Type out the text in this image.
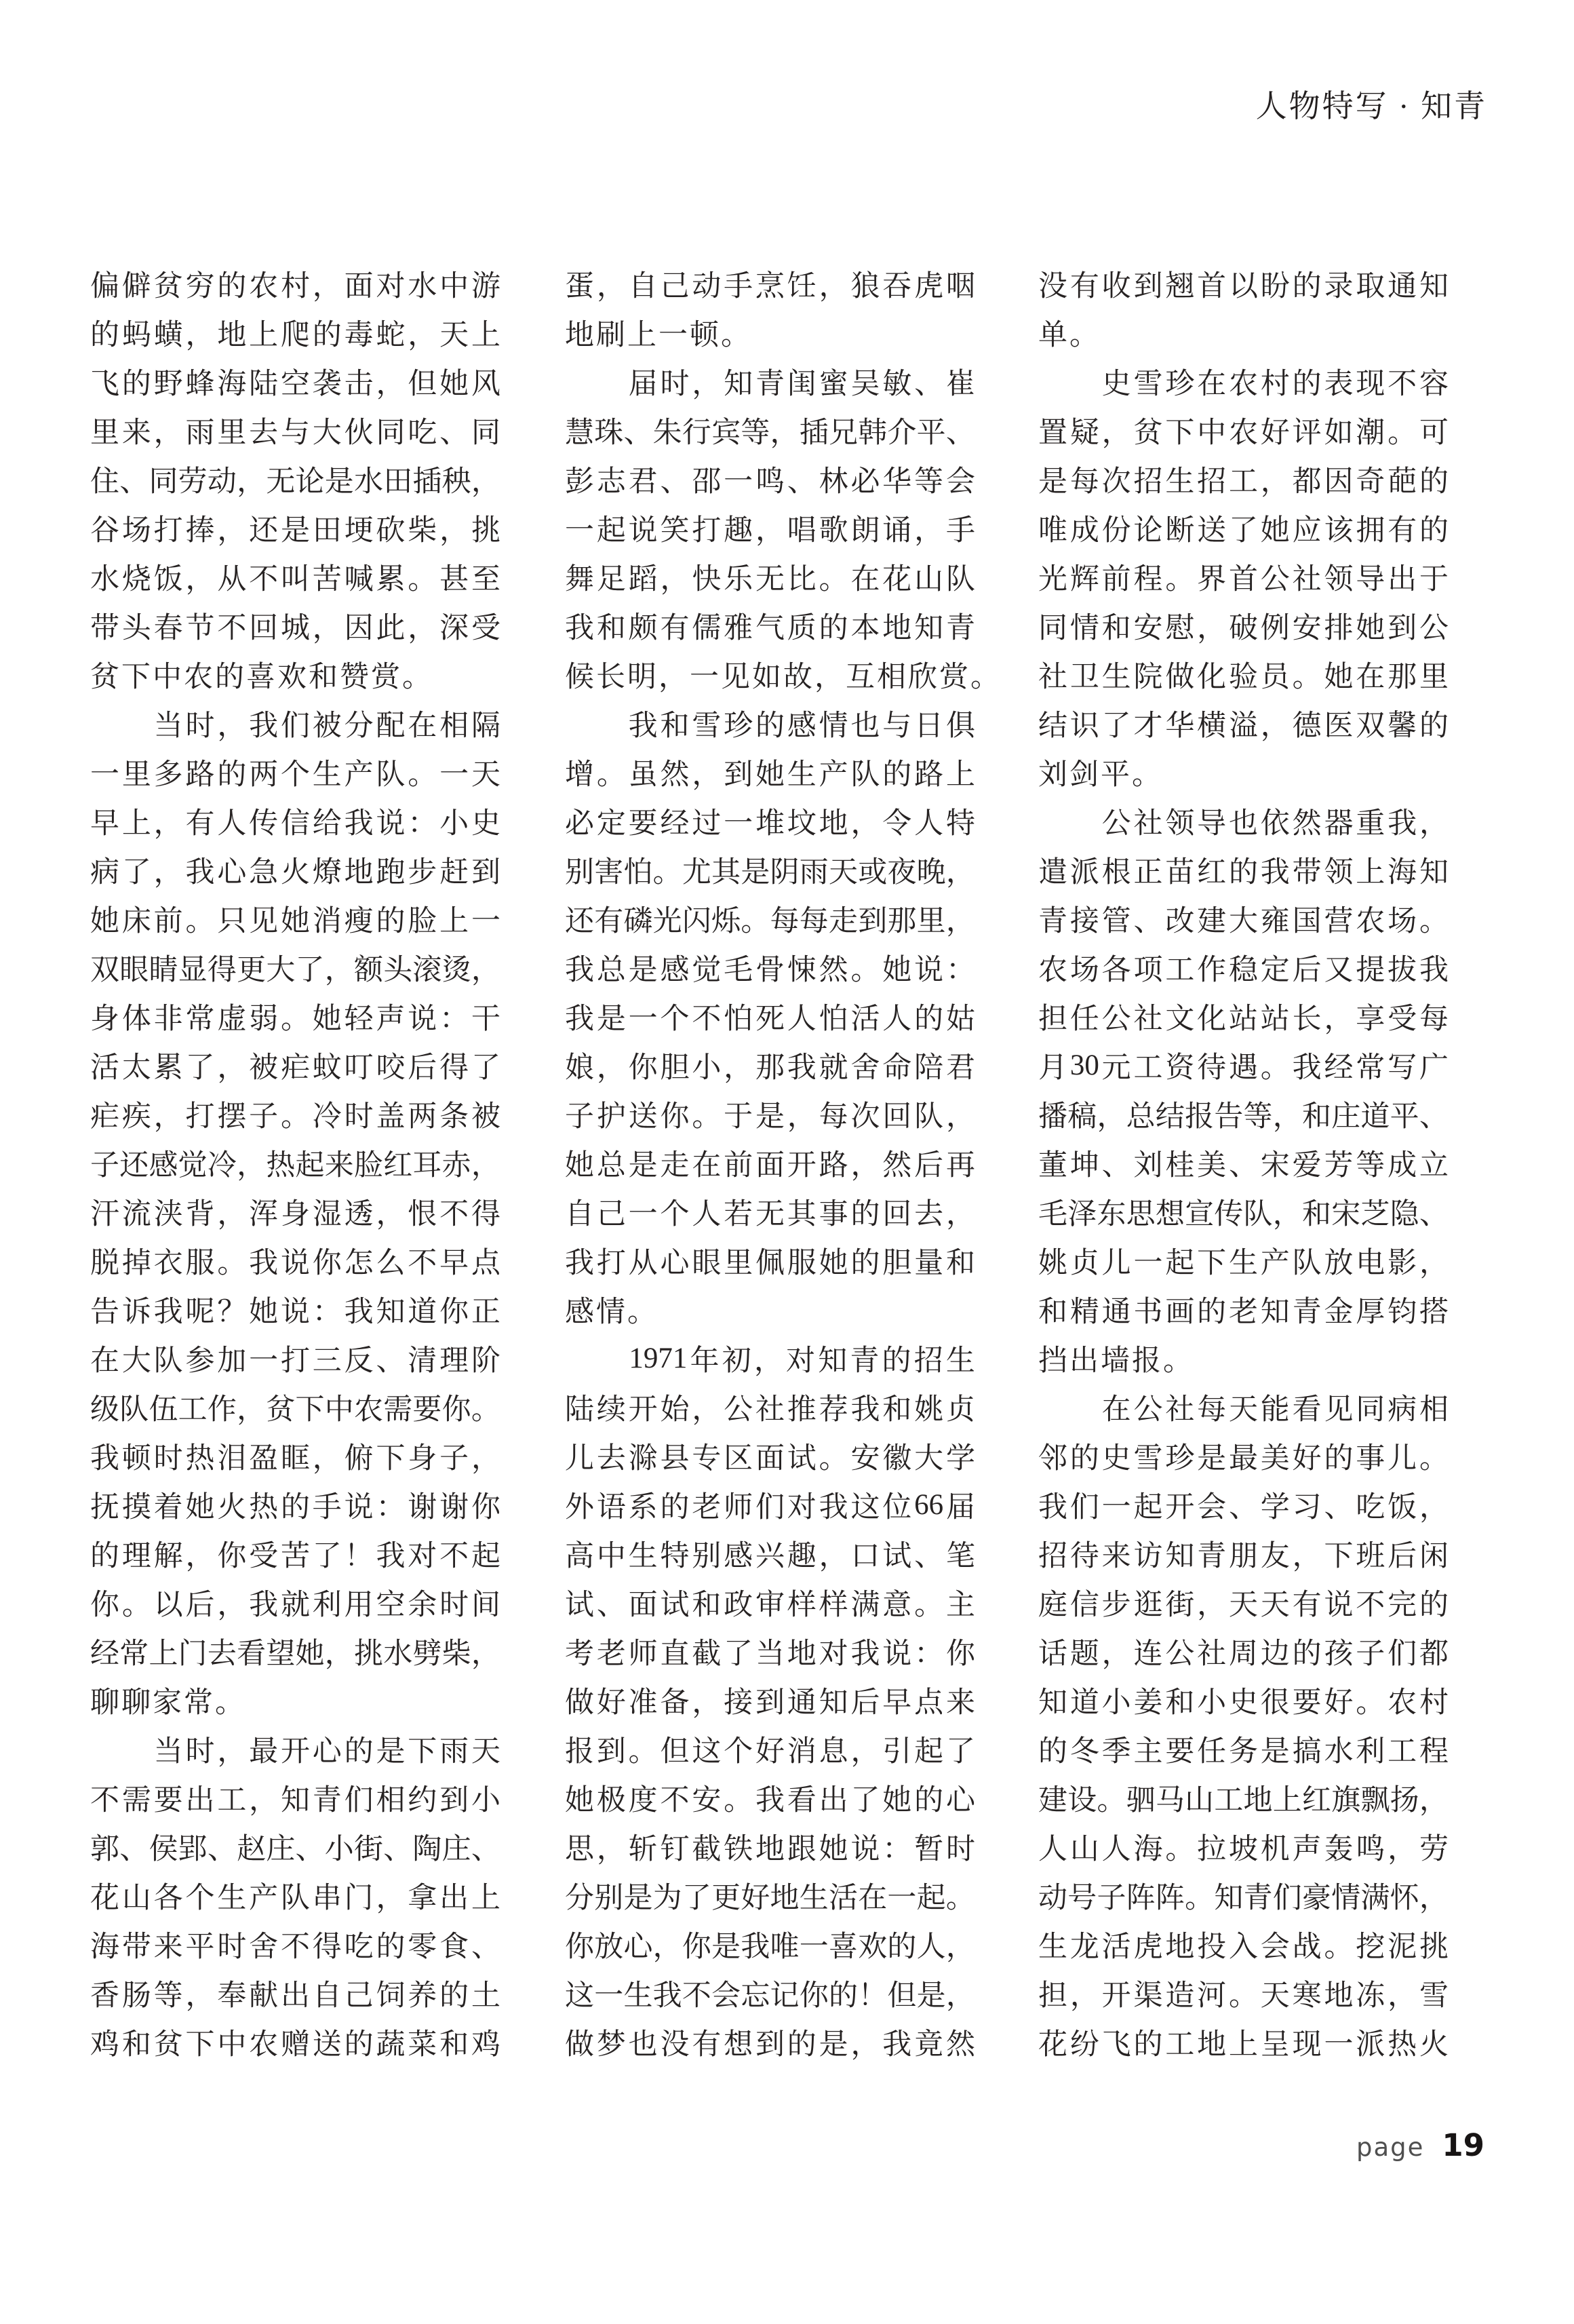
人物特写 · 知青
偏 僻 贫 穷 的 农 村 ， 面 对 水 中 游
的 蚂 蟥 ， 地 上 爬 的 毒 蛇 ， 天 上
飞 的 野 蜂 海 陆 空 袭 击 ， 但 她 风
里 来 ， 雨 里 去 与 大 伙 同 吃 、 同
住 、 同 劳 动 ， 无 论 是 水 田 插 秧 ，
谷 场 打 捧 ， 还 是 田 埂 砍 柴 ， 挑
水 烧 饭 ， 从 不 叫 苦 喊 累 。 甚 至
带 头 春 节 不 回 城 ， 因 此 ， 深 受
贫 下 中 农 的 喜 欢 和 赞 赏 。

当 时 ， 我 们 被 分 配 在 相 隔
一 里 多 路 的 两 个 生 产 队 。 一 天
早 上 ， 有 人 传 信 给 我 说 ： 小 史
病 了 ， 我 心 急 火 燎 地 跑 步 赶 到
她 床 前 。 只 见 她 消 瘦 的 脸 上 一
双 眼 睛 显 得 更 大 了 ， 额 头 滚 烫 ，
身 体 非 常 虚 弱 。 她 轻 声 说 ： 干
活 太 累 了 ， 被 疟 蚊 叮 咬 后 得 了
疟 疾 ， 打 摆 子 。 冷 时 盖 两 条 被
子 还 感 觉 冷 ， 热 起 来 脸 红 耳 赤 ，
汗 流 浃 背 ， 浑 身 湿 透 ， 恨 不 得
脱 掉 衣 服 。 我 说 你 怎 么 不 早 点
告 诉 我 呢 ？ 她 说 ： 我 知 道 你 正
在 大 队 参 加 一 打 三 反 、 清 理 阶
级 队 伍 工 作 ， 贫 下 中 农 需 要 你 。
我 顿 时 热 泪 盈 眶 ， 俯 下 身 子 ，
抚 摸 着 她 火 热 的 手 说 ： 谢 谢 你
的 理 解 ， 你 受 苦 了 ！ 我 对 不 起
你 。 以 后 ， 我 就 利 用 空 余 时 间
经 常 上 门 去 看 望 她 ， 挑 水 劈 柴 ，
聊 聊 家 常 。

当 时 ， 最 开 心 的 是 下 雨 天
不 需 要 出 工 ， 知 青 们 相 约 到 小
郭 、 侯 郢 、 赵 庄 、 小 街 、 陶 庄 、
花 山 各 个 生 产 队 串 门 ， 拿 出 上
海 带 来 平 时 舍 不 得 吃 的 零 食 、
香 肠 等 ， 奉 献 出 自 己 饲 养 的 土
鸡 和 贫 下 中 农 赠 送 的 蔬 菜 和 鸡
蛋 ， 自 己 动 手 烹 饪 ， 狼 吞 虎 咽
地 刷 上 一 顿 。

届 时 ， 知 青 闺 蜜 吴 敏 、 崔
慧 珠 、 朱 行 宾 等 ， 插 兄 韩 介 平 、
彭 志 君 、 邵 一 鸣 、 林 必 华 等 会
一 起 说 笑 打 趣 ， 唱 歌 朗 诵 ， 手
舞 足 蹈 ， 快 乐 无 比 。 在 花 山 队
我 和 颇 有 儒 雅 气 质 的 本 地 知 青
候 长 明 ， 一 见 如 故 ， 互 相 欣 赏 。

我 和 雪 珍 的 感 情 也 与 日 俱
增 。 虽 然 ， 到 她 生 产 队 的 路 上
必 定 要 经 过 一 堆 坟 地 ， 令 人 特
别 害 怕 。 尤 其 是 阴 雨 天 或 夜 晚 ，
还 有 磷 光 闪 烁 。 每 每 走 到 那 里 ，
我 总 是 感 觉 毛 骨 悚 然 。 她 说 ：
我 是 一 个 不 怕 死 人 怕 活 人 的 姑
娘 ， 你 胆 小 ， 那 我 就 舍 命 陪 君
子 护 送 你 。 于 是 ， 每 次 回 队 ，
她 总 是 走 在 前 面 开 路 ， 然 后 再
自 己 一 个 人 若 无 其 事 的 回 去 ，
我 打 从 心 眼 里 佩 服 她 的 胆 量 和
感 情 。

1971 年 初 ， 对 知 青 的 招 生
陆 续 开 始 ， 公 社 推 荐 我 和 姚 贞
儿 去 滁 县 专 区 面 试 。 安 徽 大 学
外 语 系 的 老 师 们 对 我 这 位 66 届
高 中 生 特 别 感 兴 趣 ， 口 试 、 笔
试 、 面 试 和 政 审 样 样 满 意 。 主
考 老 师 直 截 了 当 地 对 我 说 ： 你
做 好 准 备 ， 接 到 通 知 后 早 点 来
报 到 。 但 这 个 好 消 息 ， 引 起 了
她 极 度 不 安 。 我 看 出 了 她 的 心
思 ， 斩 钉 截 铁 地 跟 她 说 ： 暂 时
分 别 是 为 了 更 好 地 生 活 在 一 起 。
你 放 心 ， 你 是 我 唯 一 喜 欢 的 人 ，
这 一 生 我 不 会 忘 记 你 的 ！ 但 是 ，
做 梦 也 没 有 想 到 的 是 ， 我 竟 然
没 有 收 到 翘 首 以 盼 的 录 取 通 知
单 。

史 雪 珍 在 农 村 的 表 现 不 容
置 疑 ， 贫 下 中 农 好 评 如 潮 。 可
是 每 次 招 生 招 工 ， 都 因 奇 葩 的
唯 成 份 论 断 送 了 她 应 该 拥 有 的
光 辉 前 程 。 界 首 公 社 领 导 出 于
同 情 和 安 慰 ， 破 例 安 排 她 到 公
社 卫 生 院 做 化 验 员 。 她 在 那 里
结 识 了 才 华 横 溢 ， 德 医 双 馨 的
刘 剑 平 。

公 社 领 导 也 依 然 器 重 我 ，
遣 派 根 正 苗 红 的 我 带 领 上 海 知
青 接 管 、 改 建 大 雍 国 营 农 场 。
农 场 各 项 工 作 稳 定 后 又 提 拔 我
担 任 公 社 文 化 站 站 长 ， 享 受 每
月 30 元 工 资 待 遇 。 我 经 常 写 广
播 稿 ， 总 结 报 告 等 ， 和 庄 道 平 、
董 坤 、 刘 桂 美 、 宋 爱 芳 等 成 立
毛 泽 东 思 想 宣 传 队 ， 和 宋 芝 隐 、
姚 贞 儿 一 起 下 生 产 队 放 电 影 ，
和 精 通 书 画 的 老 知 青 金 厚 钧 搭
挡 出 墙 报 。

在 公 社 每 天 能 看 见 同 病 相
邻 的 史 雪 珍 是 最 美 好 的 事 儿 。
我 们 一 起 开 会 、 学 习 、 吃 饭 ，
招 待 来 访 知 青 朋 友 ， 下 班 后 闲
庭 信 步 逛 街 ， 天 天 有 说 不 完 的
话 题 ， 连 公 社 周 边 的 孩 子 们 都
知 道 小 姜 和 小 史 很 要 好 。 农 村
的 冬 季 主 要 任 务 是 搞 水 利 工 程
建 设 。 驷 马 山 工 地 上 红 旗 飘 扬 ，
人 山 人 海 。 拉 坡 机 声 轰 鸣 ， 劳
动 号 子 阵 阵 。 知 青 们 豪 情 满 怀 ，
生 龙 活 虎 地 投 入 会 战 。 挖 泥 挑
担 ， 开 渠 造 河 。 天 寒 地 冻 ， 雪
花 纷 飞 的 工 地 上 呈 现 一 派 热 火
page 19
